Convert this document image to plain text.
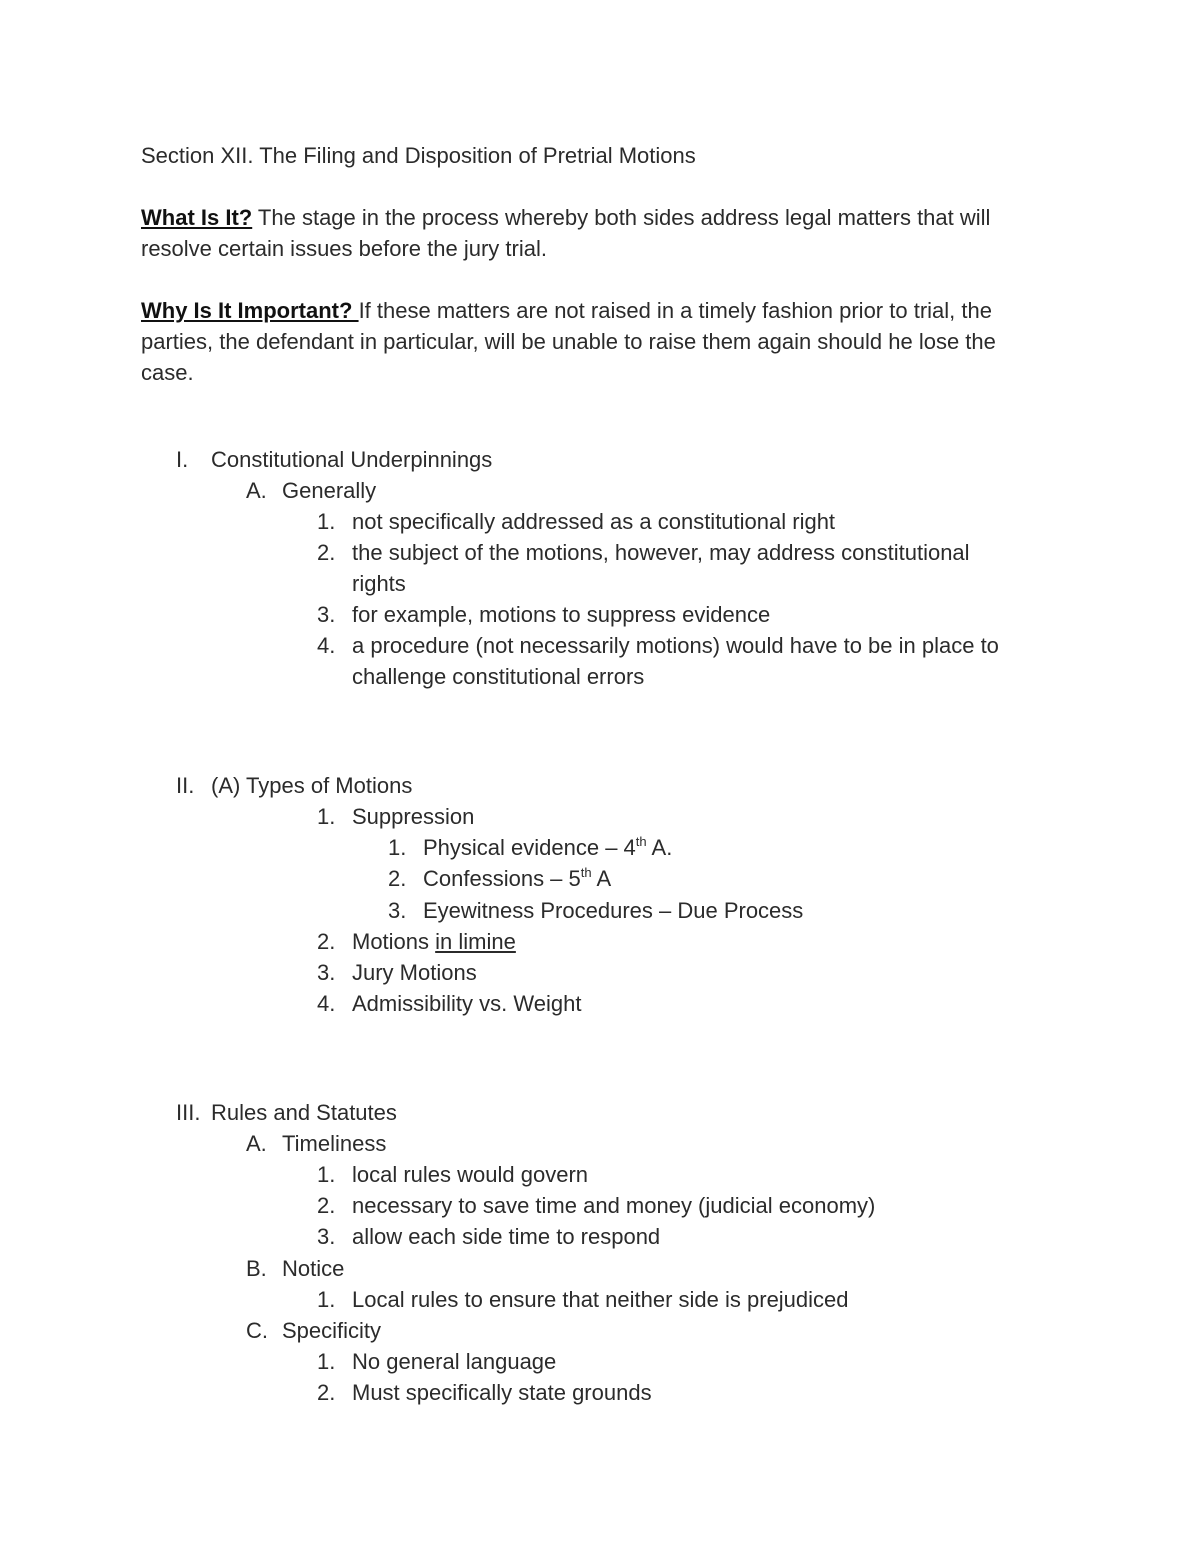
Section XII. The Filing and Disposition of Pretrial Motions
What Is It? The stage in the process whereby both sides address legal matters that will
resolve certain issues before the jury trial.
Why Is It Important? If these matters are not raised in a timely fashion prior to trial, the
parties, the defendant in particular, will be unable to raise them again should he lose the
case.
I. Constitutional Underpinnings
A. Generally
1. not specifically addressed as a constitutional right
2. the subject of the motions, however, may address constitutional
rights
3. for example, motions to suppress evidence
4. a procedure (not necessarily motions) would have to be in place to
challenge constitutional errors
II. (A) Types of Motions
1. Suppression
1. Physical evidence – 4th A.
2. Confessions – 5th A
3. Eyewitness Procedures – Due Process
2. Motions in limine
3. Jury Motions
4. Admissibility vs. Weight
III. Rules and Statutes
A. Timeliness
1. local rules would govern
2. necessary to save time and money (judicial economy)
3. allow each side time to respond
B. Notice
1. Local rules to ensure that neither side is prejudiced
C. Specificity
1. No general language
2. Must specifically state grounds
